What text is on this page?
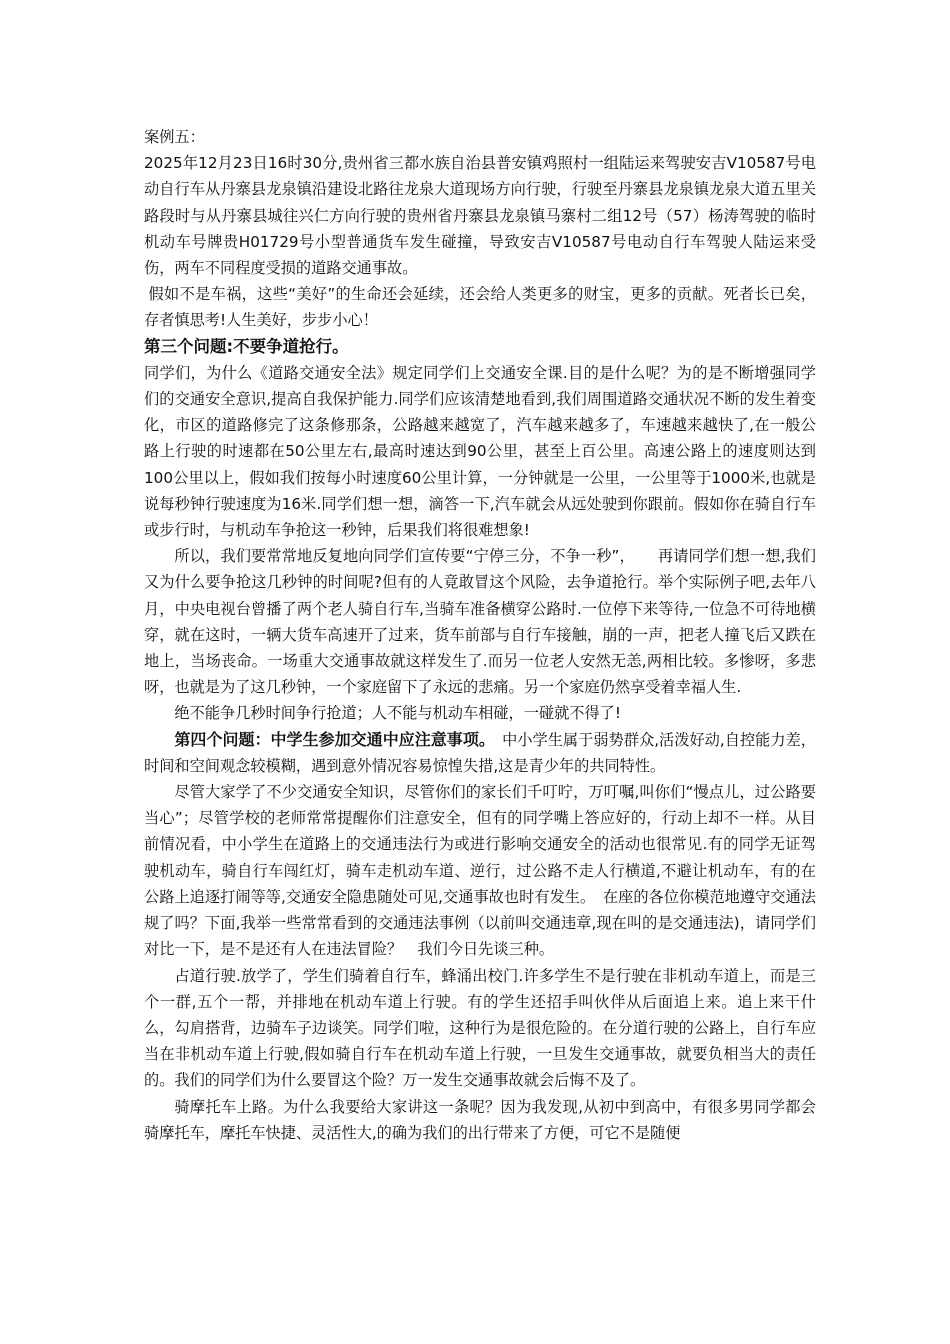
案例五：

2025年12月23日16时30分,贵州省三都水族自治县普安镇鸡照村一组陆运来驾驶安吉V10587号电动自行车从丹寨县龙泉镇沿建设北路往龙泉大道现场方向行驶，行驶至丹寨县龙泉镇龙泉大道五里关路段时与从丹寨县城往兴仁方向行驶的贵州省丹寨县龙泉镇马寨村二组12号（57）杨涛驾驶的临时机动车号牌贵H01729号小型普通货车发生碰撞，导致安吉V10587号电动自行车驾驶人陆运来受伤，两车不同程度受损的道路交通事故。

假如不是车祸，这些“美好”的生命还会延续，还会给人类更多的财宝，更多的贡献。死者长已矣，存者慎思考!人生美好，步步小心！

第三个问题:不要争道抢行。

同学们，为什么《道路交通安全法》规定同学们上交通安全课.目的是什么呢？为的是不断增强同学们的交通安全意识,提高自我保护能力.同学们应该清楚地看到,我们周围道路交通状况不断的发生着变化，市区的道路修完了这条修那条，公路越来越宽了，汽车越来越多了，车速越来越快了,在一般公路上行驶的时速都在50公里左右,最高时速达到90公里，甚至上百公里。高速公路上的速度则达到100公里以上，假如我们按每小时速度60公里计算，一分钟就是一公里，一公里等于1000米,也就是说每秒钟行驶速度为16米.同学们想一想，滴答一下,汽车就会从远处驶到你跟前。假如你在骑自行车或步行时，与机动车争抢这一秒钟，后果我们将很难想象!

所以，我们要常常地反复地向同学们宣传要“宁停三分，不争一秒”，　　再请同学们想一想,我们又为什么要争抢这几秒钟的时间呢?但有的人竟敢冒这个风险，去争道抢行。举个实际例子吧,去年八月，中央电视台曾播了两个老人骑自行车,当骑车准备横穿公路时.一位停下来等待,一位急不可待地横穿，就在这时，一辆大货车高速开了过来，货车前部与自行车接触，崩的一声，把老人撞飞后又跌在地上，当场丧命。一场重大交通事故就这样发生了.而另一位老人安然无恙,两相比较。多惨呀，多悲呀，也就是为了这几秒钟，一个家庭留下了永远的悲痛。另一个家庭仍然享受着幸福人生.

绝不能争几秒时间争行抢道；人不能与机动车相碰，一碰就不得了!

第四个问题：中学生参加交通中应注意事项。　中小学生属于弱势群众,活泼好动,自控能力差，时间和空间观念较模糊，遇到意外情况容易惊惶失措,这是青少年的共同特性。

尽管大家学了不少交通安全知识，尽管你们的家长们千叮咛，万叮嘱,叫你们“慢点儿，过公路要当心”；尽管学校的老师常常提醒你们注意安全，但有的同学嘴上答应好的，行动上却不一样。从目前情况看，中小学生在道路上的交通违法行为或进行影响交通安全的活动也很常见.有的同学无证驾驶机动车，骑自行车闯红灯，骑车走机动车道、逆行，过公路不走人行横道,不避让机动车，有的在公路上追逐打闹等等,交通安全隐患随处可见,交通事故也时有发生。　在座的各位你模范地遵守交通法规了吗？下面,我举一些常常看到的交通违法事例（以前叫交通违章,现在叫的是交通违法)，请同学们对比一下，是不是还有人在违法冒险？　我们今日先谈三种。

占道行驶.放学了，学生们骑着自行车，蜂涌出校门.许多学生不是行驶在非机动车道上，而是三个一群,五个一帮，并排地在机动车道上行驶。有的学生还招手叫伙伴从后面追上来。追上来干什么，勾肩搭背，边骑车子边谈笑。同学们啦，这种行为是很危险的。在分道行驶的公路上，自行车应当在非机动车道上行驶,假如骑自行车在机动车道上行驶，一旦发生交通事故，就要负相当大的责任的。我们的同学们为什么要冒这个险？万一发生交通事故就会后悔不及了。

骑摩托车上路。为什么我要给大家讲这一条呢？因为我发现,从初中到高中，有很多男同学都会骑摩托车，摩托车快捷、灵活性大,的确为我们的出行带来了方便，可它不是随便
